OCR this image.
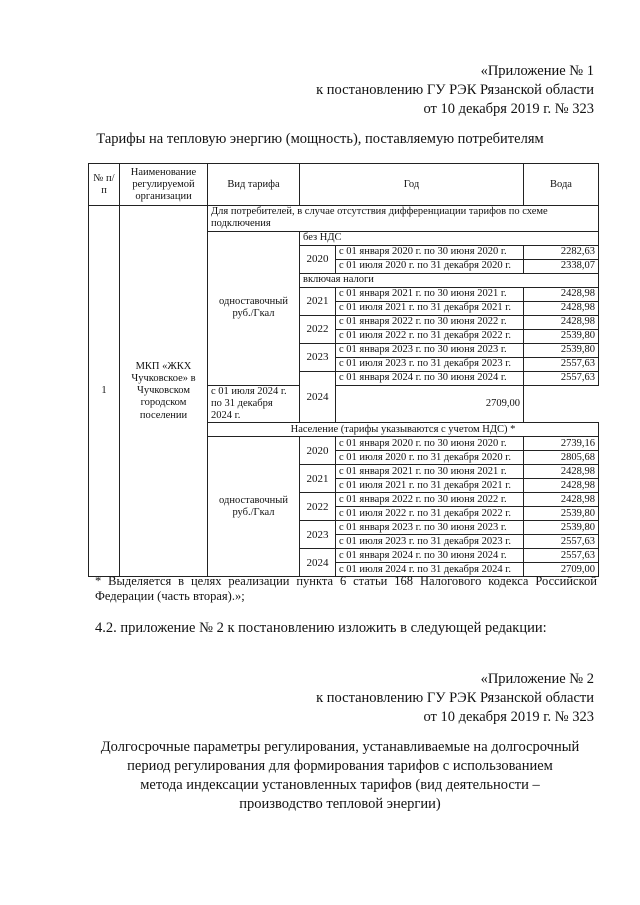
«Приложение № 1
к постановлению ГУ РЭК Рязанской области
от 10 декабря 2019 г. № 323
Тарифы на тепловую энергию (мощность), поставляемую потребителям
№ п/п	Наименование регулируемой организации	Вид тарифа	Год		Вода
1	МКП «ЖКХ Чучковское» в Чучковском городском поселении	Для потребителей, в случае отсутствия дифференциации тарифов по схеме подключения			

		одноставочный руб./Гкал	без НДС		
			2020	с 01 января 2020 г. по 30 июня 2020 г.	2282,63
				с 01 июля 2020 г. по 31 декабря 2020 г.	2338,07
			включая налоги		
			2021	с 01 января 2021 г. по 30 июня 2021 г.	2428,98
				с 01 июля 2021 г. по 31 декабря 2021 г.	2428,98
			2022	с 01 января 2022 г. по 30 июня 2022 г.	2428,98
				с 01 июля 2022 г. по 31 декабря 2022 г.	2539,80
			2023	с 01 января 2023 г. по 30 июня 2023 г.	2539,80
				с 01 июля 2023 г. по 31 декабря 2023 г.	2557,63
			2024	с 01 января 2024 г. по 30 июня 2024 г.	2557,63
		с 01 июля 2024 г. по 31 декабря 2024 г.		2709,00	
		Население (тарифы указываются с учетом НДС) *			
		одноставочный руб./Гкал	2020	с 01 января 2020 г. по 30 июня 2020 г.	2739,16
				с 01 июля 2020 г. по 31 декабря 2020 г.	2805,68
			2021	с 01 января 2021 г. по 30 июня 2021 г.	2428,98
				с 01 июля 2021 г. по 31 декабря 2021 г.	2428,98
			2022	с 01 января 2022 г. по 30 июня 2022 г.	2428,98
				с 01 июля 2022 г. по 31 декабря 2022 г.	2539,80
			2023	с 01 января 2023 г. по 30 июня 2023 г.	2539,80
				с 01 июля 2023 г. по 31 декабря 2023 г.	2557,63
			2024	с 01 января 2024 г. по 30 июня 2024 г.	2557,63
				с 01 июля 2024 г. по 31 декабря 2024 г.	2709,00
* Выделяется в целях реализации пункта 6 статьи 168 Налогового кодекса Российской Федерации (часть вторая).»;
4.2. приложение № 2 к постановлению изложить в следующей редакции:
«Приложение № 2
к постановлению ГУ РЭК Рязанской области
от 10 декабря 2019 г. № 323
Долгосрочные параметры регулирования, устанавливаемые на долгосрочный
период регулирования для формирования тарифов с использованием
метода индексации установленных тарифов (вид деятельности –
производство тепловой энергии)
